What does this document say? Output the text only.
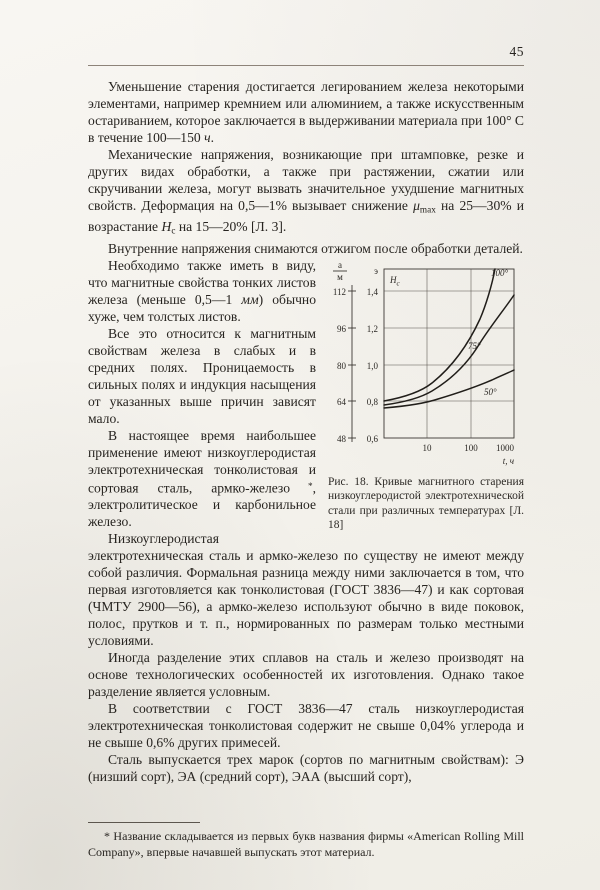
45

Уменьшение старения достигается легированием железа некоторыми элементами, например кремнием или алюминием, а также искусственным остариванием, которое заключается в выдерживании материала при 100° С в течение 100—150 ч.

Механические напряжения, возникающие при штамповке, резке и других видах обработки, а также при растяжении, сжатии или скручивании железа, могут вызвать значительное ухудшение магнитных свойств. Деформация на 0,5—1% вызывает снижение μmax на 25—30% и возрастание Нс на 15—20% [Л. 3].

Внутренние напряжения снимаются отжигом после обработки деталей.

а
м
112
96
80
64
48
э
1,4
1,2
1,0
0,8
0,6
$Н_с$
100°
75°
50°
10	100 1000
t, ч
Рис. 18. Кривые магнитного старения низкоуглеродистой электротехнической стали при различных температурах [Л. 18]

Необходимо также иметь в виду, что магнитные свойства тонких листов железа (меньше 0,5—1 мм) обычно хуже, чем толстых листов.

Все это относится к магнитным свойствам железа в слабых и в средних полях. Проницаемость в сильных полях и индукция насыщения от указанных выше причин зависят мало.

В настоящее время наибольшее применение имеют низкоуглеродистая электротехническая тонколистовая и сортовая сталь, армко-железо *, электролитическое и карбонильное железо.

Низкоуглеродистая электротехническая сталь и армко-железо по существу не имеют между собой различия. Формальная разница между ними заключается в том, что первая изготовляется как тонколистовая (ГОСТ 3836—47) и как сортовая (ЧМТУ 2900—56), а армко-железо используют обычно в виде поковок, полос, прутков и т. п., нормированных по размерам только местными условиями.

Иногда разделение этих сплавов на сталь и железо производят на основе технологических особенностей их изготовления. Однако такое разделение является условным.

В соответствии с ГОСТ 3836—47 сталь низкоуглеродистая электротехническая тонколистовая содержит не свыше 0,04% углерода и не свыше 0,6% других примесей.

Сталь выпускается трех марок (сортов по магнитным свойствам): Э (низший сорт), ЭА (средний сорт), ЭАА (высший сорт),

* Название складывается из первых букв названия фирмы «American Rolling Mill Company», впервые начавшей выпускать этот материал.
